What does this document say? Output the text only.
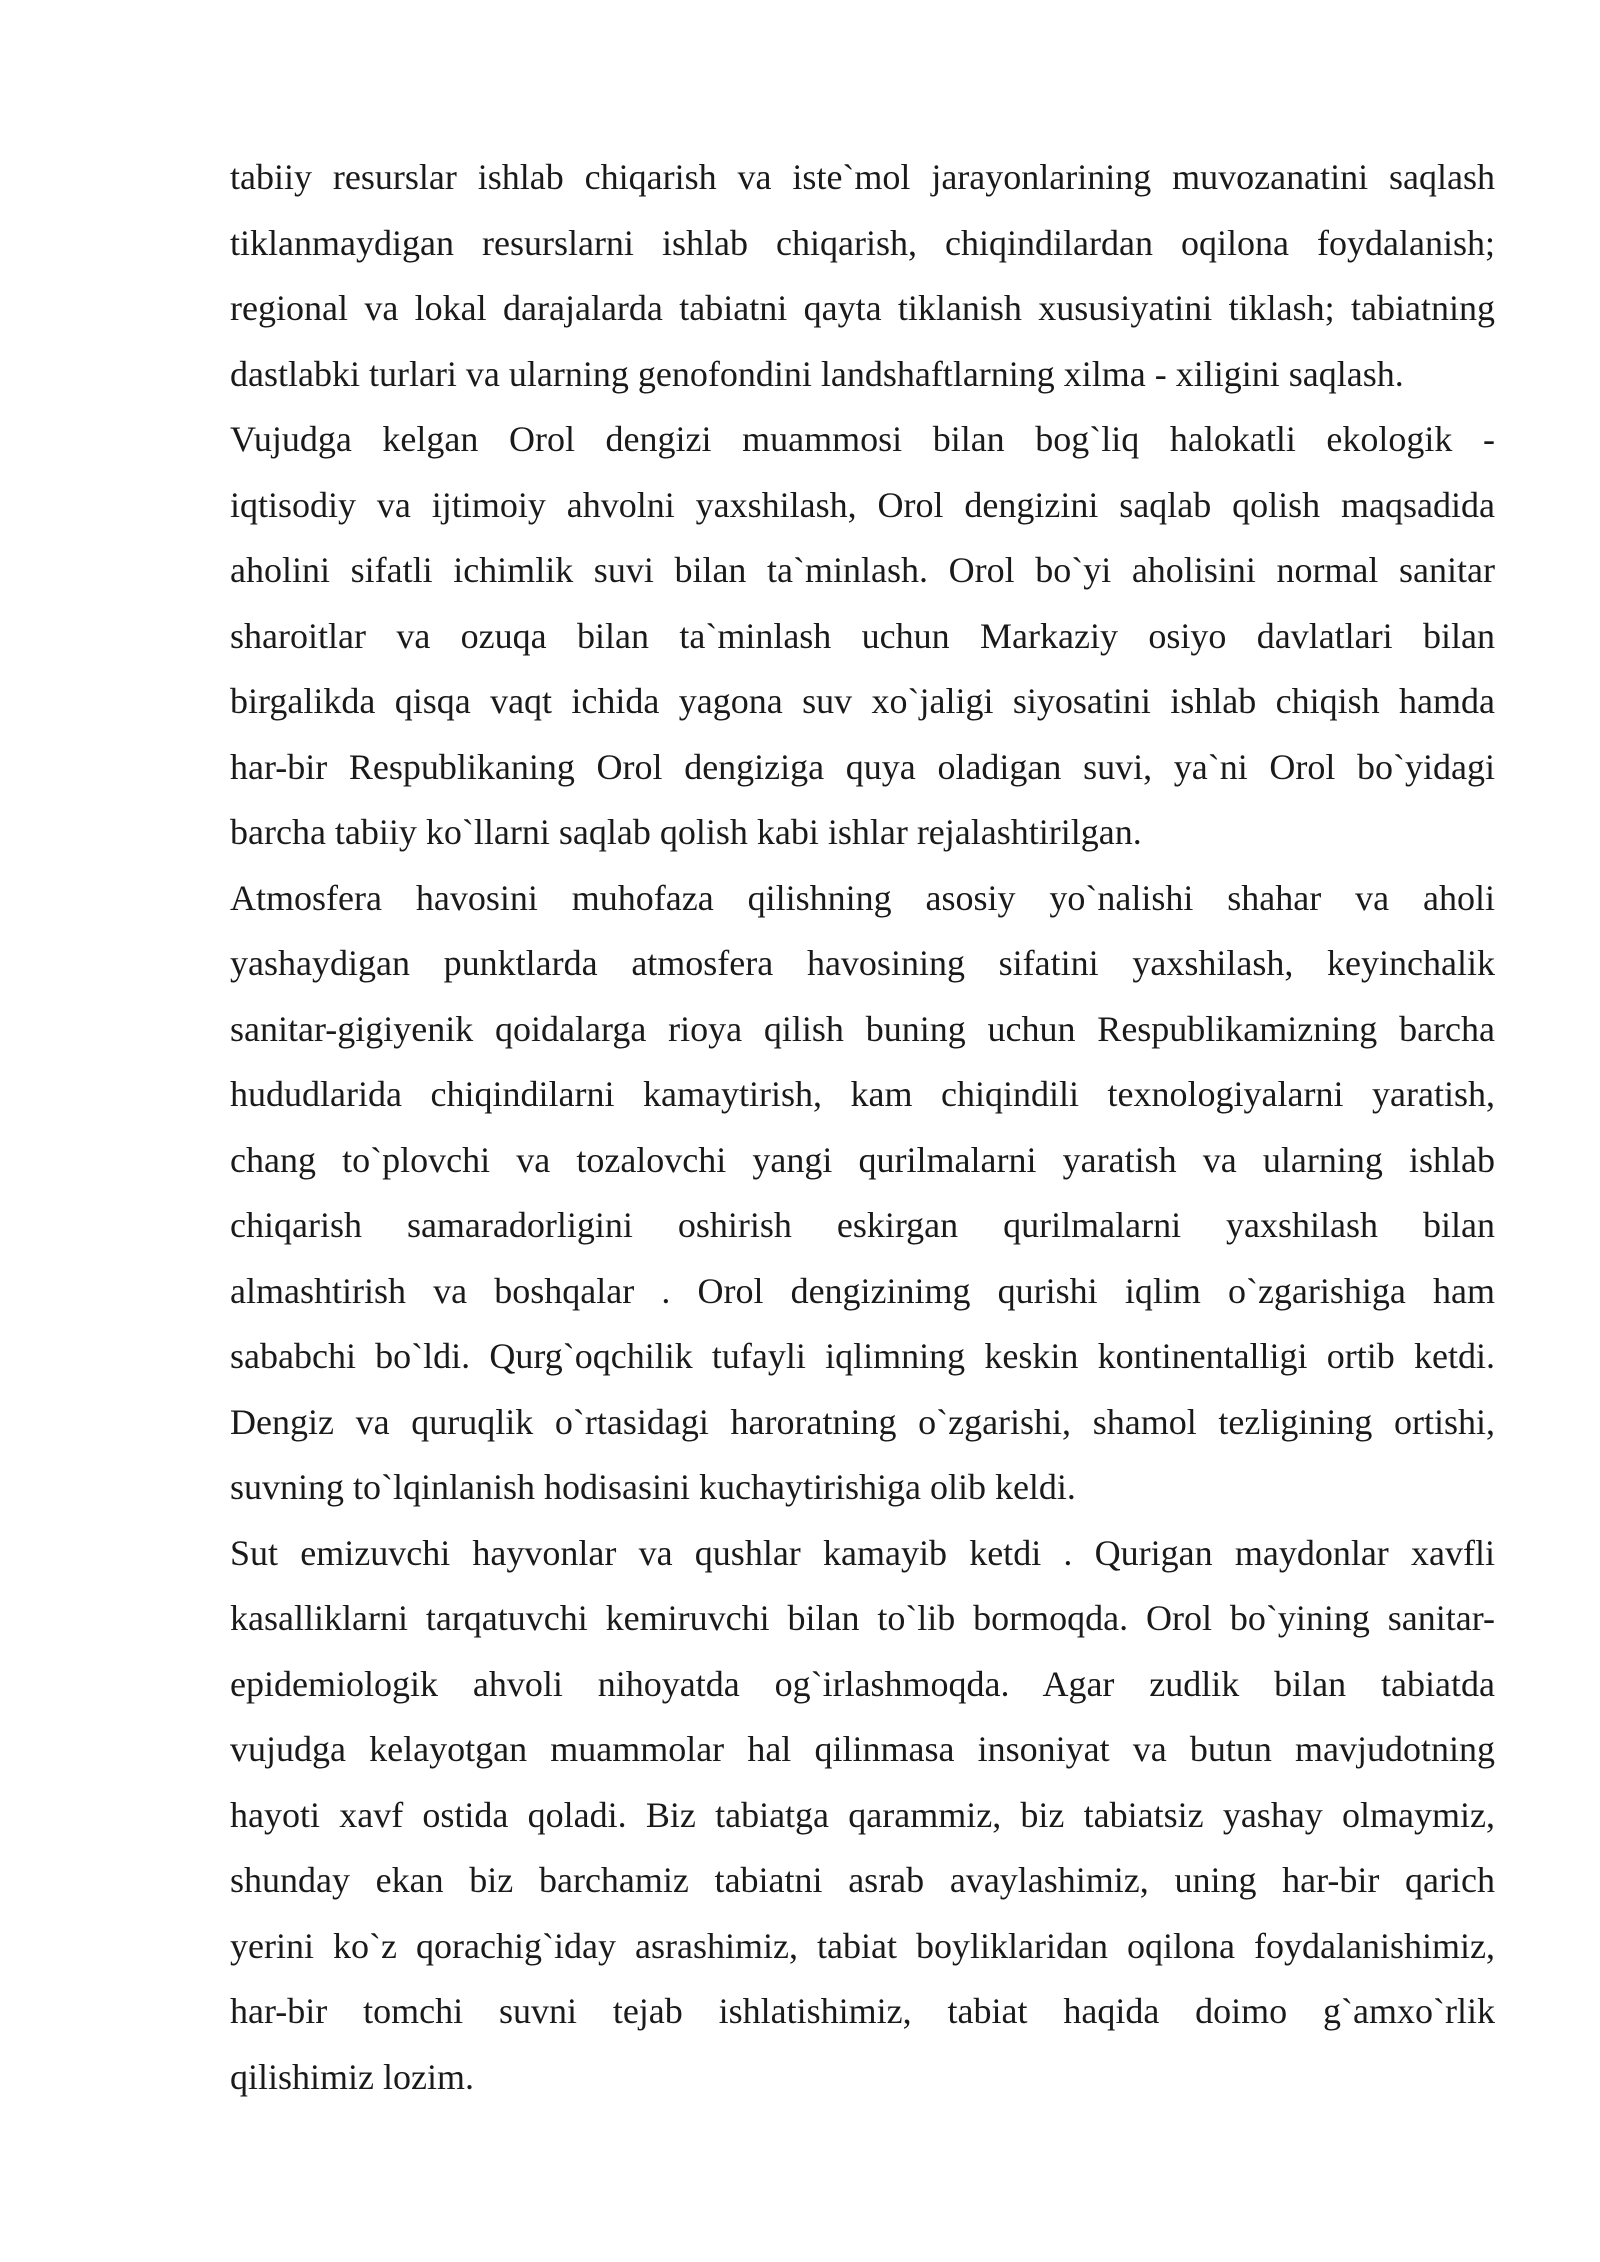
tabiiy resurslar ishlab chiqarish va iste`mol jarayonlarining muvozanatini saqlash
tiklanmaydigan resurslarni ishlab chiqarish, chiqindilardan oqilona foydalanish;
regional va lokal darajalarda tabiatni qayta tiklanish xususiyatini tiklash; tabiatning
dastlabki turlari va ularning genofondini landshaftlarning xilma - xiligini saqlash.
Vujudga kelgan Orol dengizi muammosi bilan bog`liq halokatli ekologik -
iqtisodiy va ijtimoiy ahvolni yaxshilash, Orol dengizini saqlab qolish maqsadida
aholini sifatli ichimlik suvi bilan ta`minlash. Orol bo`yi aholisini normal sanitar
sharoitlar va ozuqa bilan ta`minlash uchun Markaziy osiyo davlatlari bilan
birgalikda qisqa vaqt ichida yagona suv xo`jaligi siyosatini ishlab chiqish hamda
har-bir Respublikaning Orol dengiziga quya oladigan suvi, ya`ni Orol bo`yidagi
barcha tabiiy ko`llarni saqlab qolish kabi ishlar rejalashtirilgan.
Atmosfera havosini muhofaza qilishning asosiy yo`nalishi shahar va aholi
yashaydigan punktlarda atmosfera havosining sifatini yaxshilash, keyinchalik
sanitar-gigiyenik qoidalarga rioya qilish buning uchun Respublikamizning barcha
hududlarida chiqindilarni kamaytirish, kam chiqindili texnologiyalarni yaratish,
chang to`plovchi va tozalovchi yangi qurilmalarni yaratish va ularning ishlab
chiqarish samaradorligini oshirish eskirgan qurilmalarni yaxshilash bilan
almashtirish va boshqalar . Orol dengizinimg qurishi iqlim o`zgarishiga ham
sababchi bo`ldi. Qurg`oqchilik tufayli iqlimning keskin kontinentalligi ortib ketdi.
Dengiz va quruqlik o`rtasidagi haroratning o`zgarishi, shamol tezligining ortishi,
suvning to`lqinlanish hodisasini kuchaytirishiga olib keldi.
Sut emizuvchi hayvonlar va qushlar kamayib ketdi . Qurigan maydonlar xavfli
kasalliklarni tarqatuvchi kemiruvchi bilan to`lib bormoqda. Orol bo`yining sanitar-
epidemiologik ahvoli nihoyatda og`irlashmoqda. Agar zudlik bilan tabiatda
vujudga kelayotgan muammolar hal qilinmasa insoniyat va butun mavjudotning
hayoti xavf ostida qoladi. Biz tabiatga qarammiz, biz tabiatsiz yashay olmaymiz,
shunday ekan biz barchamiz tabiatni asrab avaylashimiz, uning har-bir qarich
yerini ko`z qorachig`iday asrashimiz, tabiat boyliklaridan oqilona foydalanishimiz,
har-bir tomchi suvni tejab ishlatishimiz, tabiat haqida doimo g`amxo`rlik
qilishimiz lozim.
